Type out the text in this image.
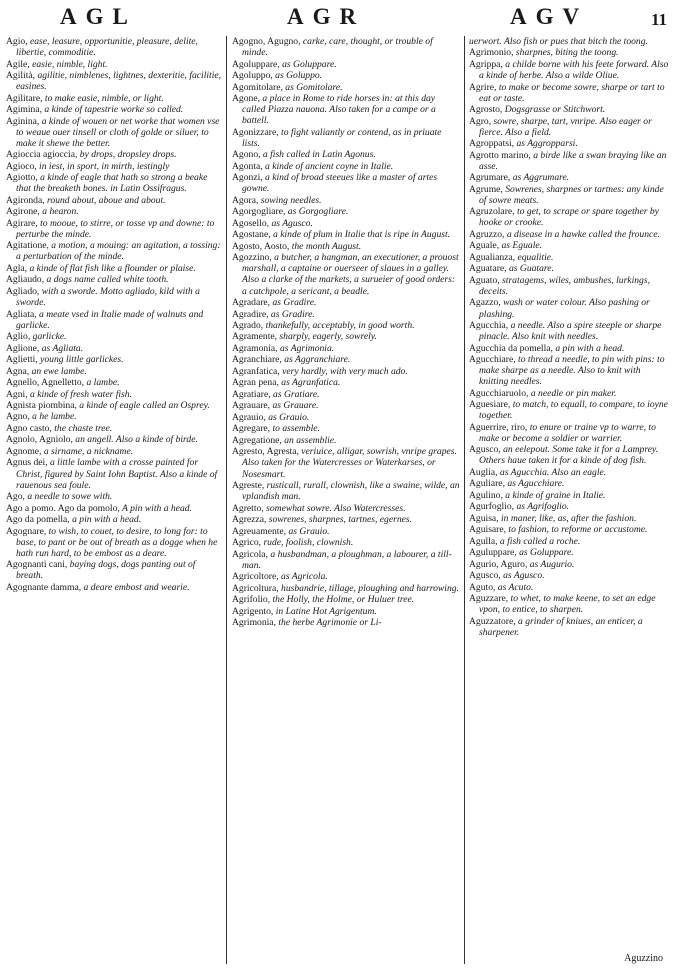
AGL	AGR	AGV	11
Agio, ease, leasure, opportunitie, pleasure, delite, libertie, commoditie.
Agile, easie, nimble, light.
Agilità, agilitie, nimblenes, lightnes, dexteritie, facilitie, easines.
Agilitare, to make easie, nimble, or light.
Agimina, a kinde of tapestrie worke so called.
Aginina, a kinde of wouen or net worke that women vse to weaue ouer tinsell or cloth of golde or siluer, to make it shewe the better.
Agioccia agioccia, by drops, dropsley drops.
Agioco, in iest, in sport, in mirth, iestingly
Agiotto, a kinde of eagle that hath so strong a beake that the breaketh bones. in Latin Ossifragus.
Agironda, round about, aboue and about.
Agirone, a hearon.
Agirare, to mooue, to stirre, or tosse vp and downe: to perturbe the minde.
Agitatione, a motion, a mouing: an agitation, a tossing: a perturbation of the minde.
Agla, a kinde of flat fish like a flounder or plaise.
Agliaudo, a dogs name called white tooth.
Agliado, with a sworde. Motto agliado, kild with a sworde.
Agliata, a meate vsed in Italie made of walnuts and garlicke.
Aglio, garlicke.
Aglione, as Agliata.
Aglietti, young little garlickes.
Agna, an ewe lambe.
Agnello, Agnelletto, a lambe.
Agni, a kinde of fresh water fish.
Agnista piombina, a kinde of eagle called an Osprey.
Agno, a he lambe.
Agno casto, the chaste tree.
Agnolo, Agniolo, an angell. Also a kinde of birde.
Agnome, a sirname, a nickname.
Agnus dei, a little lambe with a crosse painted for Christ, figured by Saint Iohn Baptist. Also a kinde of rauenous sea foule.
Ago, a needle to sowe with.
Ago a pomo. Ago da pomolo, A pin with a head.
Ago da pomella, a pin with a head.
Agognare, to wish, to couet, to desire, to long for: to base, to pant or be out of breath as a dogge when he hath run hard, to be embost as a deare.
Agognanti cani, baying dogs, dogs panting out of breath.
Agognante damma, a deare embost and wearie.
Agogno, Agugno, carke, care, thought, or trouble of minde.
Agoluppare, as Goluppare.
Agoluppo, as Goluppo.
Agomitolare, as Gomitolare.
Agone, a place in Rome to ride horses in: at this day called Piazza nauona. Also taken for a campe or a battell.
Agonizzare, to fight valiantly or contend, as in priuate lists.
Agono, a fish called in Latin Agonus.
Agonta, a kinde of ancient coyne in Italie.
Agonzi, a kind of broad steeues like a master of artes gowne.
Agora, sowing needles.
Agorgogliare, as Gorgogliare.
Agosello, as Agusco.
Agostane, a kinde of plum in Italie that is ripe in August.
Agosto, Aosto, the month August.
Agozzino, a butcher, a hangman, an executioner, a prouost marshall, a captaine or ouerseer of slaues in a galley. Also a clarke of the markets, a surueier of good orders: a catchpole, a sericant, a beadle.
Agradare, as Gradire.
Agradire, as Gradire.
Agrado, thankefully, acceptably, in good worth.
Agramente, sharply, eagerly, sowrely.
Agramonia, as Agrimonia.
Agranchiare, as Aggranchiare.
Agranfatica, very hardly, with very much ado.
Agran pena, as Agranfatica.
Agratiare, as Gratiare.
Agrauare, as Grauare.
Agrauio, as Grauio.
Agregare, to assemble.
Agregatione, an assemblie.
Agresto, Agresta, veriuice, alligar, sowrish, vnripe grapes. Also taken for the Watercresses or Waterkarses, or Nosesmart.
Agreste, rusticall, rurall, clownish, like a swaine, wilde, an vplandish man.
Agretto, somewhat sowre. Also Watercresses.
Agrezza, sowrenes, sharpnes, tartnes, egernes.
Agreuamente, as Grauio.
Agrico, rude, foolish, clownish.
Agricola, a husbandman, a ploughman, a labourer, a till-man.
Agricoltore, as Agricola.
Agricoltura, husbandrie, tillage, ploughing and harrowing.
Agrifolio, the Holly, the Holme, or Huluer tree.
Agrigento, in Latine Hot Agrigentum.
Agrimonia, the herbe Agrimonie or Li-
uerwort. Also fish or pues that bitch the toong.
Agrimonio, sharpnes, biting the toong.
Agrippa, a childe borne with his feete forward. Also a kinde of herbe. Also a wilde Oliue.
Agrire, to make or become sowre, sharpe or tart to eat or taste.
Agrosto, Dogsgrasse or Stitchwort.
Agro, sowre, sharpe, tart, vnripe. Also eager or fierce. Also a field.
Agroppatsi, as Aggropparsi.
Agrotto marino, a birde like a swan braying like an asse.
Agrumare, as Aggrumare.
Agrume, Sowrenes, sharpnes or tartnes: any kinde of sowre meats.
Agruzolare, to get, to scrape or spare together by hooke or crooke.
Agruzzo, a disease in a hawke called the frounce.
Aguale, as Eguale.
Agualianza, equalitie.
Aguatare, as Guatare.
Aguato, stratagems, wiles, ambushes, lurkings, deceits.
Agazzo, wash or water colour. Also pashing or plashing.
Agucchia, a needle. Also a spire steeple or sharpe pinacle. Also knit with needles.
Agucchia da pomella, a pin with a head.
Agucchiare, to thread a needle, to pin with pins: to make sharpe as a needle. Also to knit with knitting needles.
Agucchiaruolo, a needle or pin maker.
Aguesiare, to match, to equall, to compare, to ioyne together.
Aguerrire, riro, to enure or traine vp to warre, to make or become a soldier or warrier.
Agusco, an eelepout. Some take it for a Lamprey. Others haue taken it for a kinde of dog fish.
Auglia, as Agucchia. Also an eagle.
Aguliare, as Agucchiare.
Agulino, a kinde of graine in Italie.
Agurfoglio, as Agrifoglio.
Aguisa, in maner, like, as, after the fashion.
Aguisare, to fashion, to reforme or accustome.
Agulla, a fish called a roche.
Aguluppare, as Goluppare.
Agurio, Aguro, as Augurio.
Agusco, as Agusco.
Aguto, as Acuto.
Aguzzare, to whet, to make keene, to set an edge vpon, to entice, to sharpen.
Aguzzatore, a grinder of kniues, an enticer, a sharpener.
Aguzzino
